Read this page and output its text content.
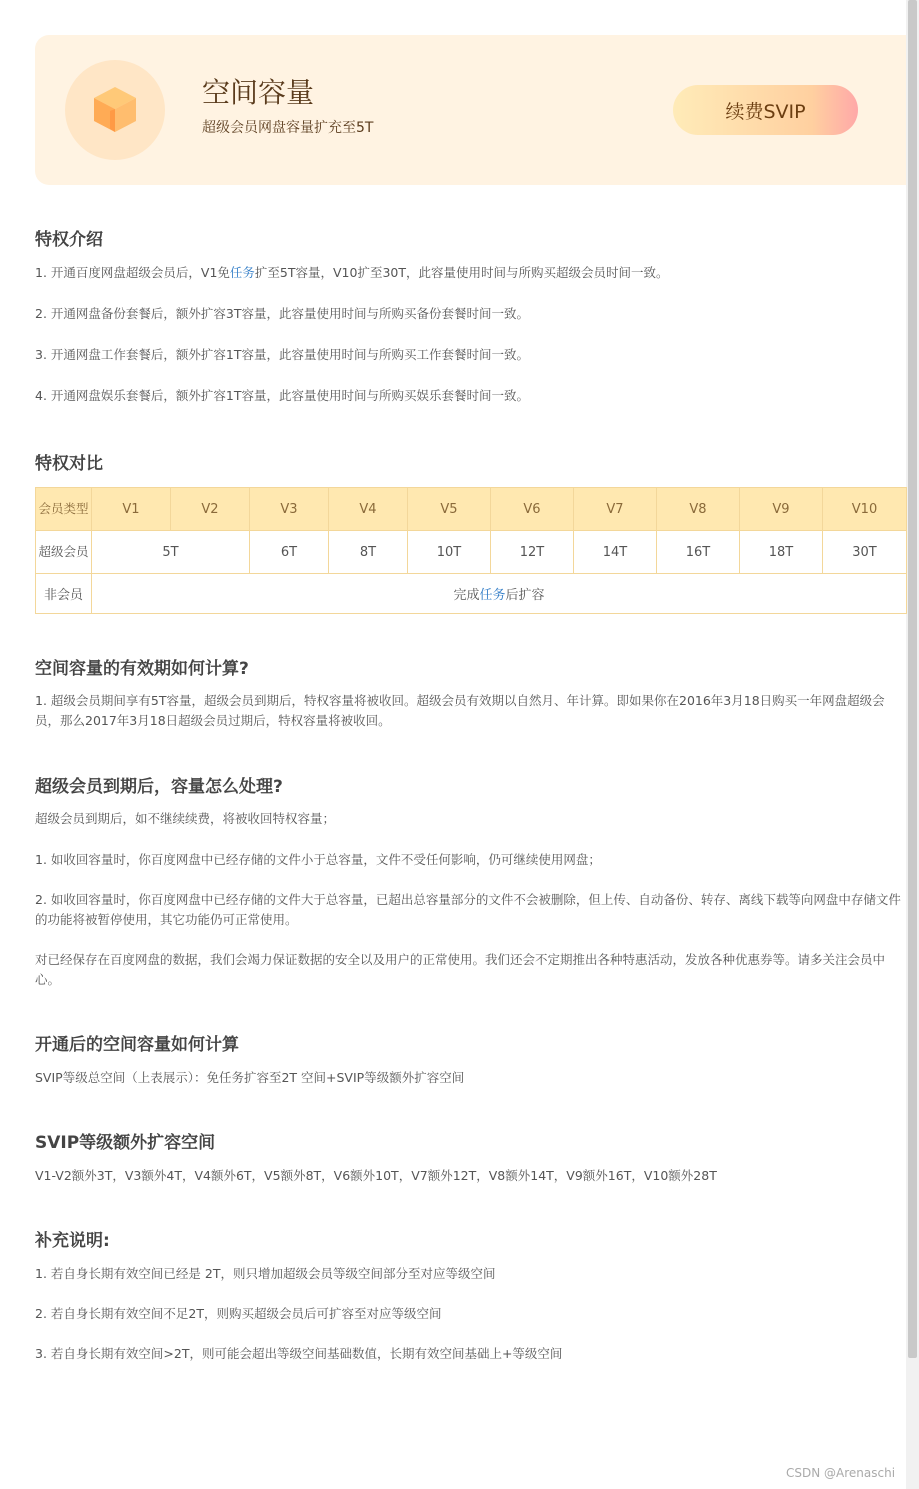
空间容量
超级会员网盘容量扩充至5T
续费SVIP
特权介绍

1. 开通百度网盘超级会员后，V1免任务扩至5T容量，V10扩至30T，此容量使用时间与所购买超级会员时间一致。

2. 开通网盘备份套餐后，额外扩容3T容量，此容量使用时间与所购买备份套餐时间一致。

3. 开通网盘工作套餐后，额外扩容1T容量，此容量使用时间与所购买工作套餐时间一致。

4. 开通网盘娱乐套餐后，额外扩容1T容量，此容量使用时间与所购买娱乐套餐时间一致。

特权对比
会员类型	V1	V2	V3	V4	V5	V6	V7	V8	V9	V10
超级会员	5T		6T	8T	10T	12T	14T	16T	18T	30T
非会员	完成任务后扩容									
空间容量的有效期如何计算?

1. 超级会员期间享有5T容量，超级会员到期后，特权容量将被收回。超级会员有效期以自然月、年计算。即如果你在2016年3月18日购买一年网盘超级会员，那么2017年3月18日超级会员过期后，特权容量将被收回。

超级会员到期后，容量怎么处理?

超级会员到期后，如不继续续费，将被收回特权容量；

1. 如收回容量时，你百度网盘中已经存储的文件小于总容量，文件不受任何影响，仍可继续使用网盘；

2. 如收回容量时，你百度网盘中已经存储的文件大于总容量，已超出总容量部分的文件不会被删除，但上传、自动备份、转存、离线下载等向网盘中存储文件的功能将被暂停使用，其它功能仍可正常使用。

对已经保存在百度网盘的数据，我们会竭力保证数据的安全以及用户的正常使用。我们还会不定期推出各种特惠活动，发放各种优惠券等。请多关注会员中心。

开通后的空间容量如何计算

SVIP等级总空间（上表展示）：免任务扩容至2T 空间+SVIP等级额外扩容空间

SVIP等级额外扩容空间

V1-V2额外3T，V3额外4T，V4额外6T，V5额外8T，V6额外10T，V7额外12T，V8额外14T，V9额外16T，V10额外28T

补充说明:

1. 若自身长期有效空间已经是 2T，则只增加超级会员等级空间部分至对应等级空间

2. 若自身长期有效空间不足2T，则购买超级会员后可扩容至对应等级空间

3. 若自身长期有效空间>2T，则可能会超出等级空间基础数值，长期有效空间基础上+等级空间

CSDN @Arenaschi
